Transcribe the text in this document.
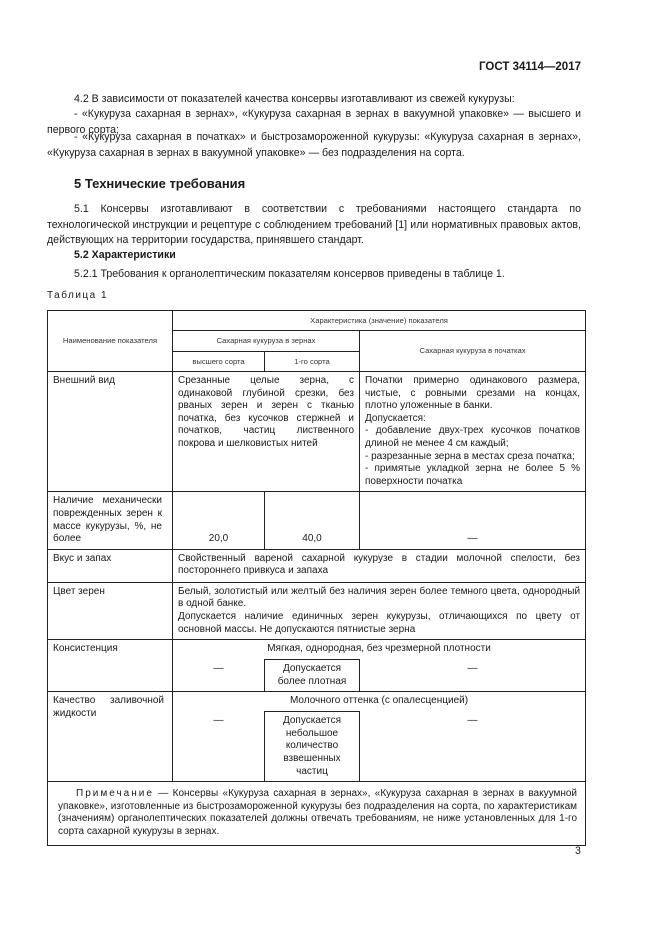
ГОСТ 34114—2017

4.2 В зависимости от показателей качества консервы изготавливают из свежей кукурузы:

- «Кукуруза сахарная в зернах», «Кукуруза сахарная в зернах в вакуумной упаковке» — высшего и первого сорта;

- «Кукуруза сахарная в початках» и быстрозамороженной кукурузы: «Кукуруза сахарная в зернах», «Кукуруза сахарная в зернах в вакуумной упаковке» — без подразделения на сорта.

5 Технические требования

5.1 Консервы изготавливают в соответствии с требованиями настоящего стандарта по технологической инструкции и рецептуре с соблюдением требований [1] или нормативных правовых актов, действующих на территории государства, принявшего стандарт.

5.2 Характеристики

5.2.1 Требования к органолептическим показателям консервов приведены в таблице 1.

Таблица 1
Наименование показателя	Характеристика (значение) показателя		
	Сахарная кукуруза в зернах		Сахарная кукуруза в початках
	высшего сорта	1-го сорта	
Внешний вид	Срезанные целые зерна, с одинаковой глубиной срезки, без рваных зерен и зерен с тканью початка, без кусочков стержней и початков, частиц лиственного покрова и шелковистых нитей		Початки примерно одинакового размера, чистые, с ровными срезами на концах, плотно уложенные в банки.
Допускается:
- добавление двух-трех кусочков початков длиной не менее 4 см каждый;
- разрезанные зерна в местах среза початка;
- примятые укладкой зерна не более 5 % поверхности початка

Наличие механически поврежденных зерен к массе кукурузы, %, не более	20,0	40,0	—
Вкус и запах	Свойственный вареной сахарной кукурузе в стадии молочной спелости, без постороннего привкуса и запаха		
Цвет зерен	Белый, золотистый или желтый без наличия зерен более темного цвета, однородный в одной банке.
Допускается наличие единичных зерен кукурузы, отличающихся по цвету от основной массы. Не допускаются пятнистые зерна		

Консистенция	Мягкая, однородная, без чрезмерной плотности		
	—	Допускается более плотная	—
Качество заливочной жидкости	Молочного оттенка (с опалесценцией)		
	—	Допускается небольшое количество взвешенных частиц	—
Примечание — Консервы «Кукуруза сахарная в зернах», «Кукуруза сахарная в зернах в вакуумной упаковке», изготовленные из быстрозамороженной кукурузы без подразделения на сорта, по характеристикам (значениям) органолептических показателей должны отвечать требованиям, не ниже установленных для 1-го сорта сахарной кукурузы в зернах.			
3
